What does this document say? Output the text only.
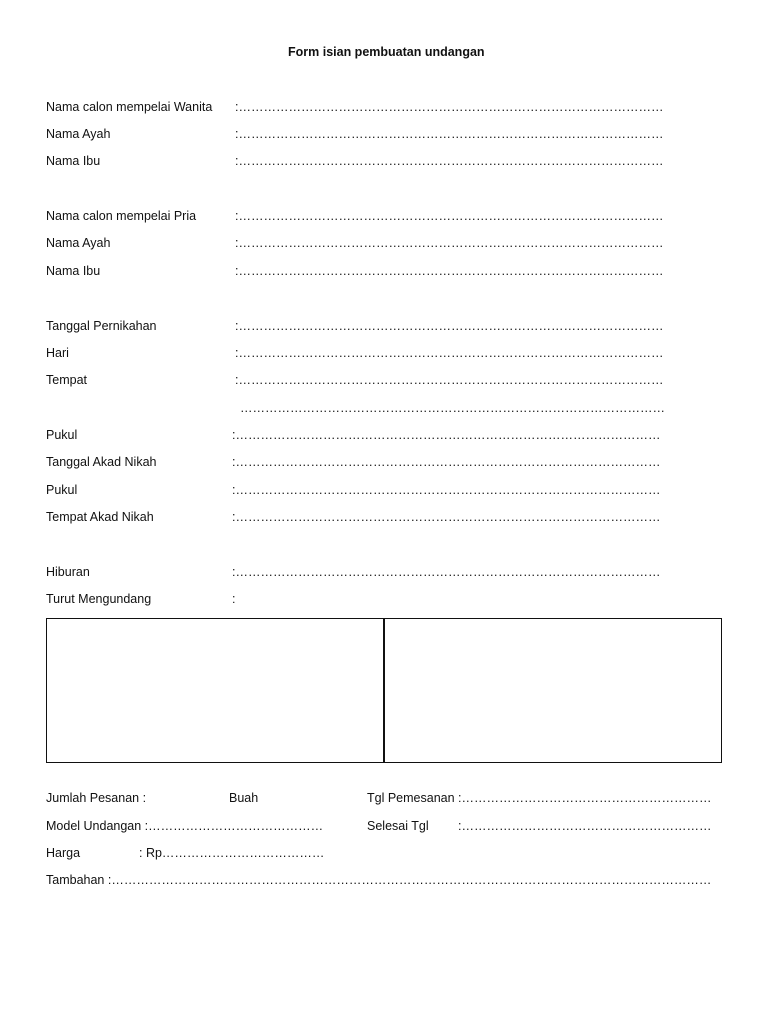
Form isian pembuatan undangan
Nama calon mempelai Wanita :…………………………………………………………………………………………
Nama Ayah	:…………………………………………………………………………………………
Nama Ibu	:…………………………………………………………………………………………
Nama calon mempelai Pria	:…………………………………………………………………………………………
Nama Ayah	:…………………………………………………………………………………………
Nama Ibu	:…………………………………………………………………………………………
Tanggal Pernikahan	:…………………………………………………………………………………………
Hari	:…………………………………………………………………………………………
Tempat	:…………………………………………………………………………………………
…………………………………………………………………………………………
Pukul	:…………………………………………………………………………………………
Tanggal Akad Nikah	:…………………………………………………………………………………………
Pukul	:…………………………………………………………………………………………
Tempat Akad Nikah	:…………………………………………………………………………………………
Hiburan	:…………………………………………………………………………………………
Turut Mengundang	:
Jumlah Pesanan :	Buah	Tgl Pemesanan :……………………………………………………
Model Undangan :……………………………………	Selesai Tgl :……………………………………………………
Harga	: Rp…………………………………
Tambahan :………………………………………………………………………………………………………………………………
